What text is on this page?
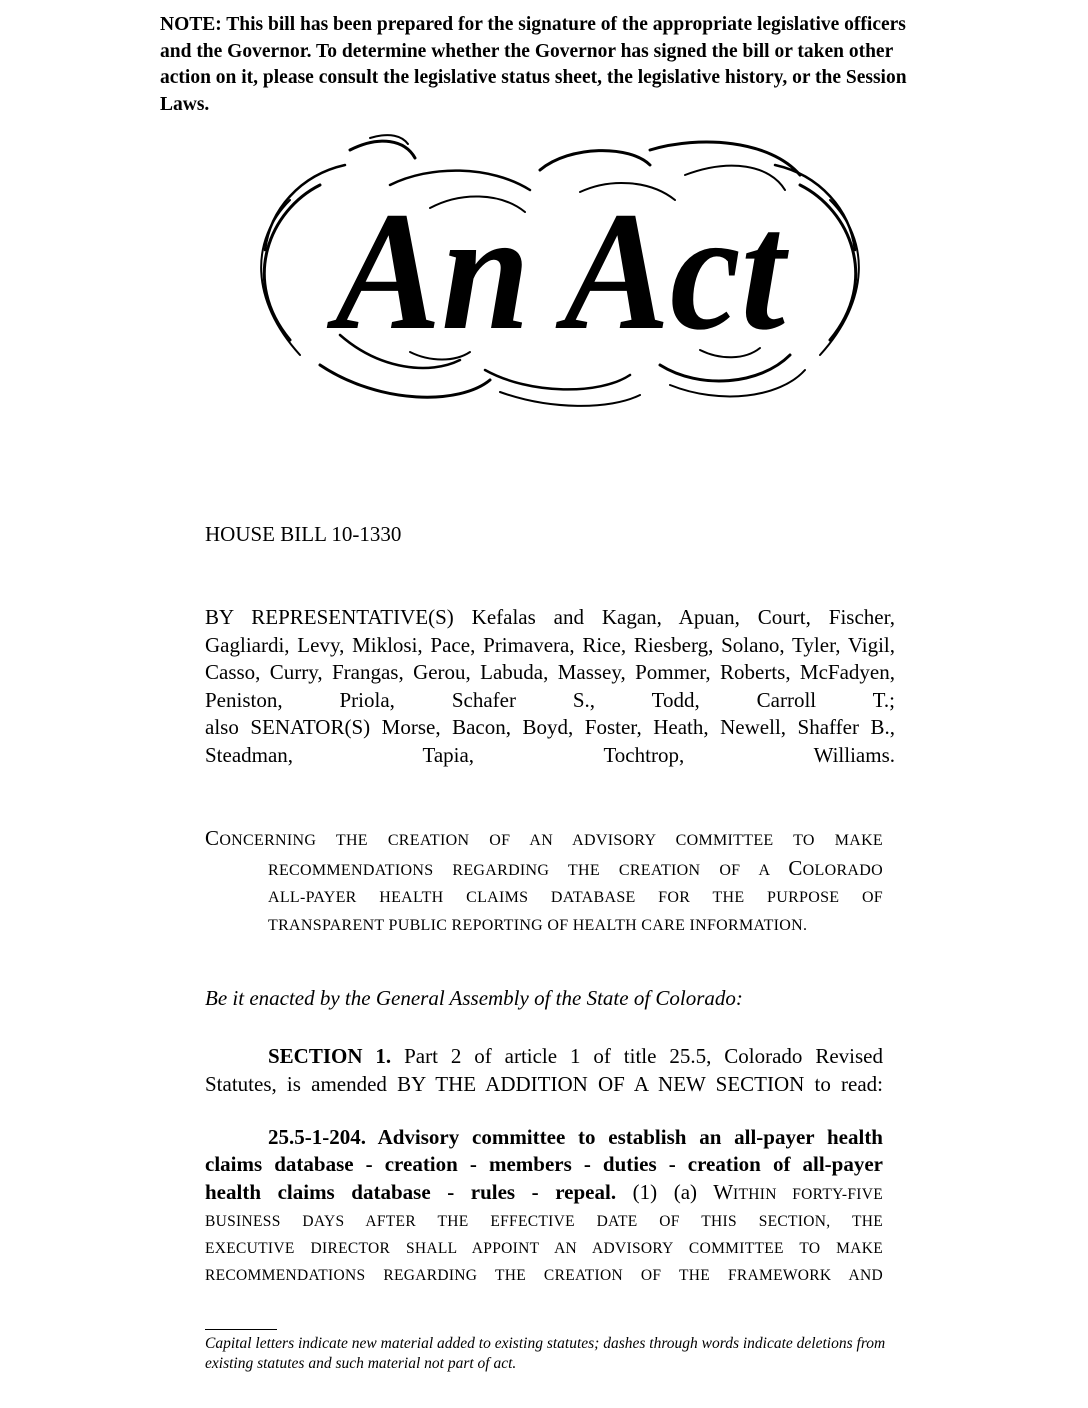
NOTE: This bill has been prepared for the signature of the appropriate legislative officers and the Governor. To determine whether the Governor has signed the bill or taken other action on it, please consult the legislative status sheet, the legislative history, or the Session Laws.
An Act
HOUSE BILL 10-1330

BY REPRESENTATIVE(S) Kefalas and Kagan, Apuan, Court, Fischer, Gagliardi, Levy, Miklosi, Pace, Primavera, Rice, Riesberg, Solano, Tyler, Vigil, Casso, Curry, Frangas, Gerou, Labuda, Massey, Pommer, Roberts, McFadyen, Peniston, Priola, Schafer S., Todd, Carroll T.;

also SENATOR(S) Morse, Bacon, Boyd, Foster, Heath, Newell, Shaffer B., Steadman, Tapia, Tochtrop, Williams.

CONCERNING THE CREATION OF AN ADVISORY COMMITTEE TO MAKE
RECOMMENDATIONS REGARDING THE CREATION OF A COLORADO
ALL-PAYER HEALTH CLAIMS DATABASE FOR THE PURPOSE OF
TRANSPARENT PUBLIC REPORTING OF HEALTH CARE INFORMATION.
Be it enacted by the General Assembly of the State of Colorado:
SECTION 1. Part 2 of article 1 of title 25.5, Colorado Revised
Statutes, is amended BY THE ADDITION OF A NEW SECTION to read:
25.5-1-204. Advisory committee to establish an all-payer health
claims database - creation - members - duties - creation of all-payer
health claims database - rules - repeal. (1) (a) WITHIN FORTY-FIVE
BUSINESS DAYS AFTER THE EFFECTIVE DATE OF THIS SECTION, THE
EXECUTIVE DIRECTOR SHALL APPOINT AN ADVISORY COMMITTEE TO MAKE
RECOMMENDATIONS REGARDING THE CREATION OF THE FRAMEWORK AND
Capital letters indicate new material added to existing statutes; dashes through words indicate deletions from existing statutes and such material not part of act.
